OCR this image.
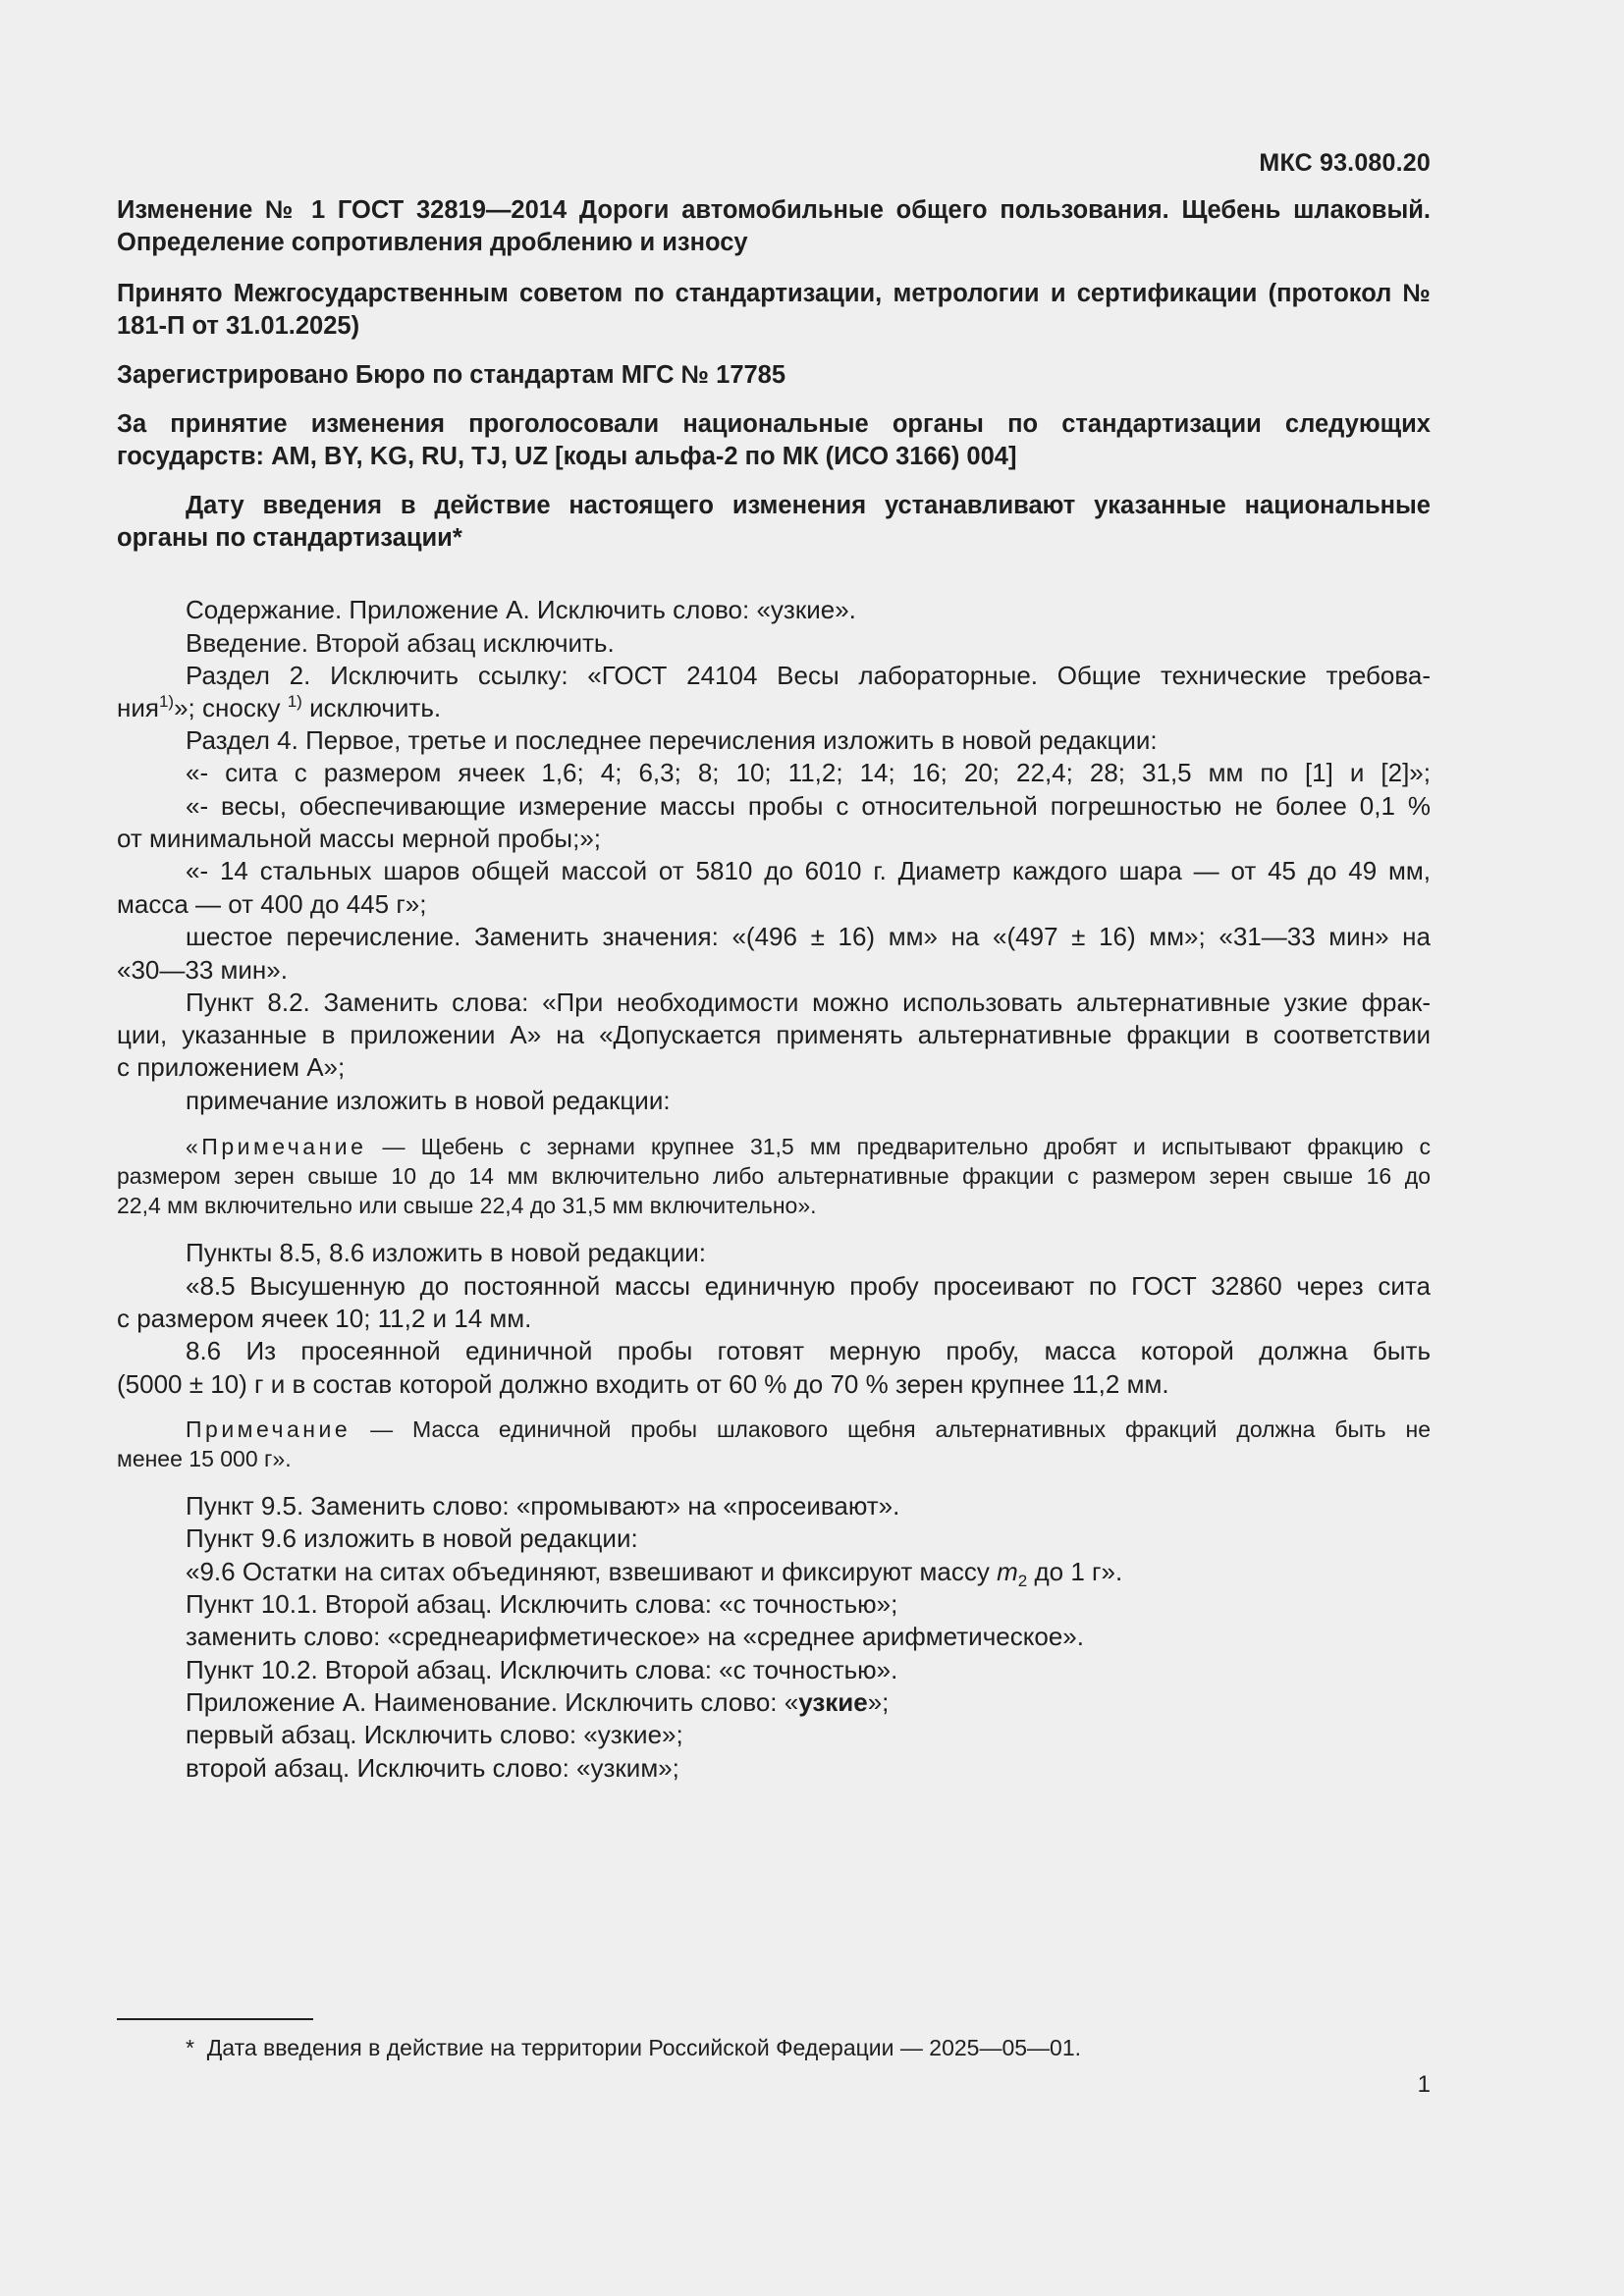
МКС 93.080.20
Изменение № 1 ГОСТ 32819—2014 Дороги автомобильные общего пользования. Щебень шлаковый. Определение сопротивления дроблению и износу
Принято Межгосударственным советом по стандартизации, метрологии и сертификации (протокол № 181-П от 31.01.2025)
Зарегистрировано Бюро по стандартам МГС № 17785
За принятие изменения проголосовали национальные органы по стандартизации следующих государств: AM, BY, KG, RU, TJ, UZ [коды альфа-2 по МК (ИСО 3166) 004]
Дату введения в действие настоящего изменения устанавливают указанные национальные органы по стандартизации*
Содержание. Приложение А. Исключить слово: «узкие».
Введение. Второй абзац исключить.
Раздел 2. Исключить ссылку: «ГОСТ 24104 Весы лабораторные. Общие технические требова-
ния$^{1)}$»; сноску $^{1)}$ исключить.
Раздел 4. Первое, третье и последнее перечисления изложить в новой редакции:
«- сита с размером ячеек 1,6; 4; 6,3; 8; 10; 11,2; 14; 16; 20; 22,4; 28; 31,5 мм по [1] и [2]»;
«- весы, обеспечивающие измерение массы пробы с относительной погрешностью не более 0,1 %
от минимальной массы мерной пробы;»;
«- 14 стальных шаров общей массой от 5810 до 6010 г. Диаметр каждого шара — от 45 до 49 мм,
масса — от 400 до 445 г»;
шестое перечисление. Заменить значения: «(496 ± 16) мм» на «(497 ± 16) мм»; «31—33 мин» на
«30—33 мин».
Пункт 8.2. Заменить слова: «При необходимости можно использовать альтернативные узкие фрак-
ции, указанные в приложении А» на «Допускается применять альтернативные фракции в соответствии
с приложением А»;
примечание изложить в новой редакции:
«Примечание — Щебень с зернами крупнее 31,5 мм предварительно дробят и испытывают фракцию с
размером зерен свыше 10 до 14 мм включительно либо альтернативные фракции с размером зерен свыше 16 до
22,4 мм включительно или свыше 22,4 до 31,5 мм включительно».
Пункты 8.5, 8.6 изложить в новой редакции:
«8.5 Высушенную до постоянной массы единичную пробу просеивают по ГОСТ 32860 через сита
с размером ячеек 10; 11,2 и 14 мм.
8.6 Из просеянной единичной пробы готовят мерную пробу, масса которой должна быть
(5000 ± 10) г и в состав которой должно входить от 60 % до 70 % зерен крупнее 11,2 мм.
Примечание — Масса единичной пробы шлакового щебня альтернативных фракций должна быть не
менее 15 000 г».
Пункт 9.5. Заменить слово: «промывают» на «просеивают».
Пункт 9.6 изложить в новой редакции:
«9.6 Остатки на ситах объединяют, взвешивают и фиксируют массу $m_2$ до 1 г».
Пункт 10.1. Второй абзац. Исключить слова: «с точностью»;
заменить слово: «среднеарифметическое» на «среднее арифметическое».
Пункт 10.2. Второй абзац. Исключить слова: «с точностью».
Приложение А. Наименование. Исключить слово: «узкие»;
первый абзац. Исключить слово: «узкие»;
второй абзац. Исключить слово: «узким»;
* Дата введения в действие на территории Российской Федерации — 2025—05—01.
1
